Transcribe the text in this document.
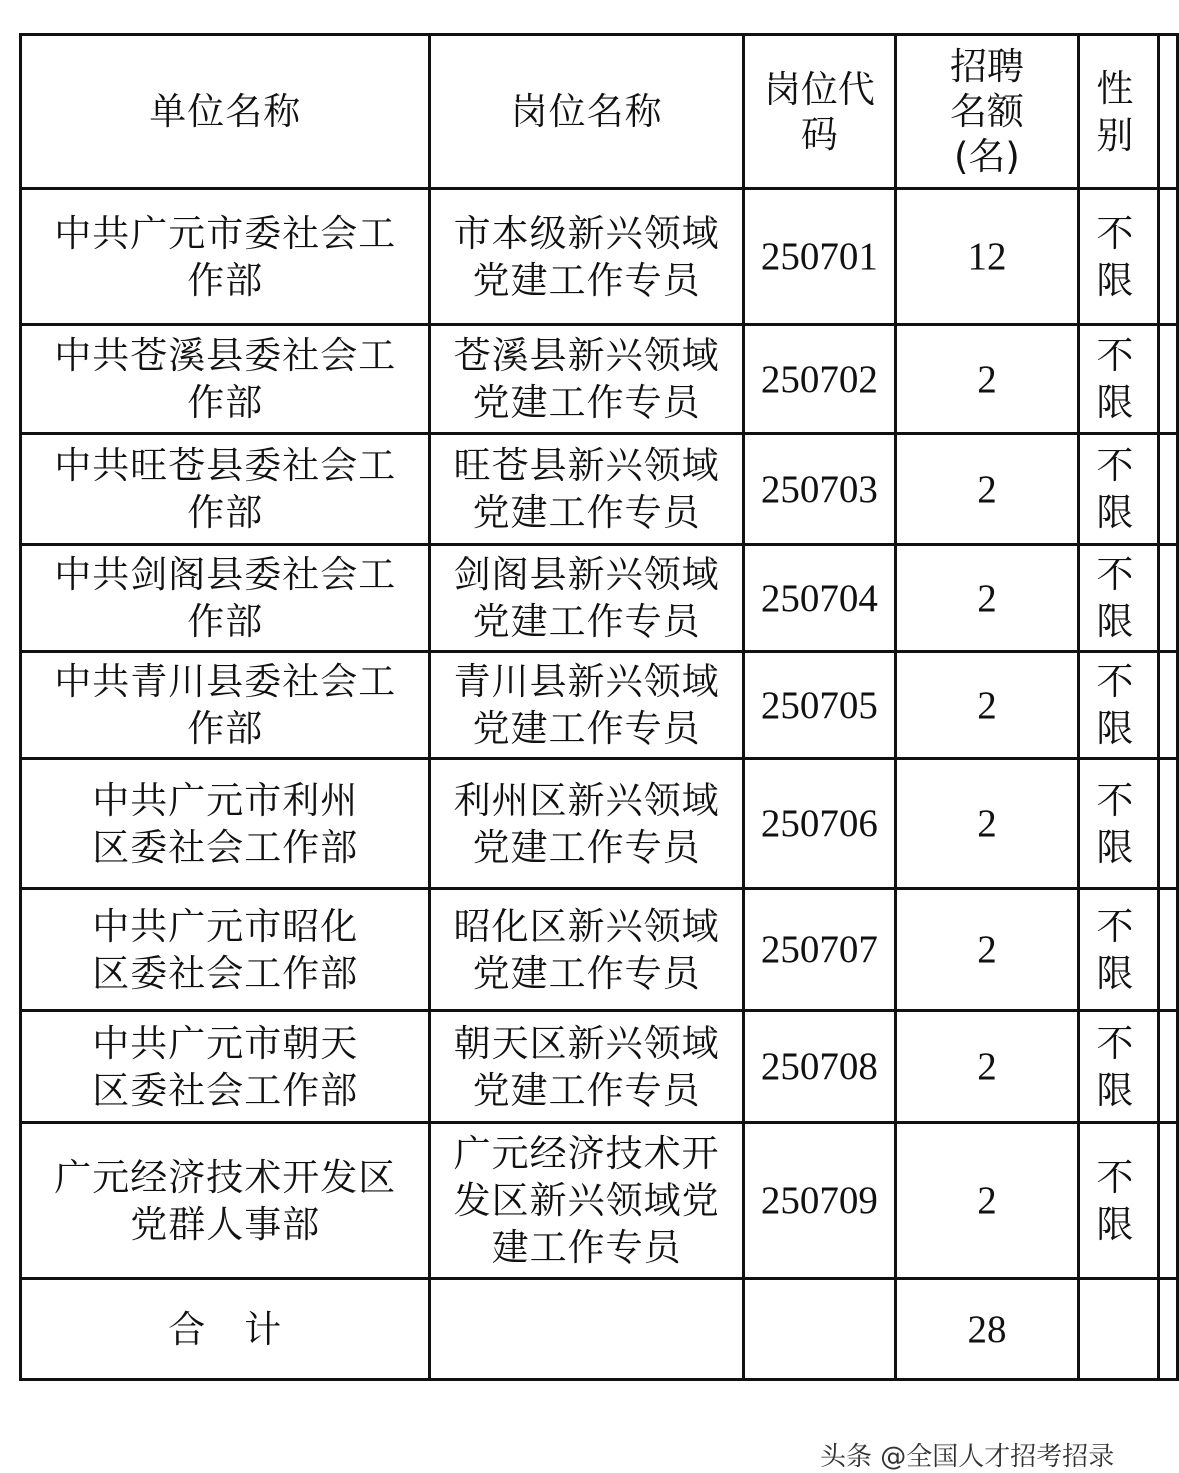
单位名称	岗位名称	岗位代码	招聘名额(名)	性别	
中共广元市委社会工作部	市本级新兴领域党建工作专员	250701	12	不限	
中共苍溪县委社会工作部	苍溪县新兴领域党建工作专员	250702	2	不限	
中共旺苍县委社会工作部	旺苍县新兴领域党建工作专员	250703	2	不限	
中共剑阁县委社会工作部	剑阁县新兴领域党建工作专员	250704	2	不限	
中共青川县委社会工作部	青川县新兴领域党建工作专员	250705	2	不限	
中共广元市利州区委社会工作部	利州区新兴领域党建工作专员	250706	2	不限	
中共广元市昭化区委社会工作部	昭化区新兴领域党建工作专员	250707	2	不限	
中共广元市朝天区委社会工作部	朝天区新兴领域党建工作专员	250708	2	不限	
广元经济技术开发区党群人事部	广元经济技术开发区新兴领域党建工作专员	250709	2	不限	
合　计			28		
头条 @全国人才招考招录
